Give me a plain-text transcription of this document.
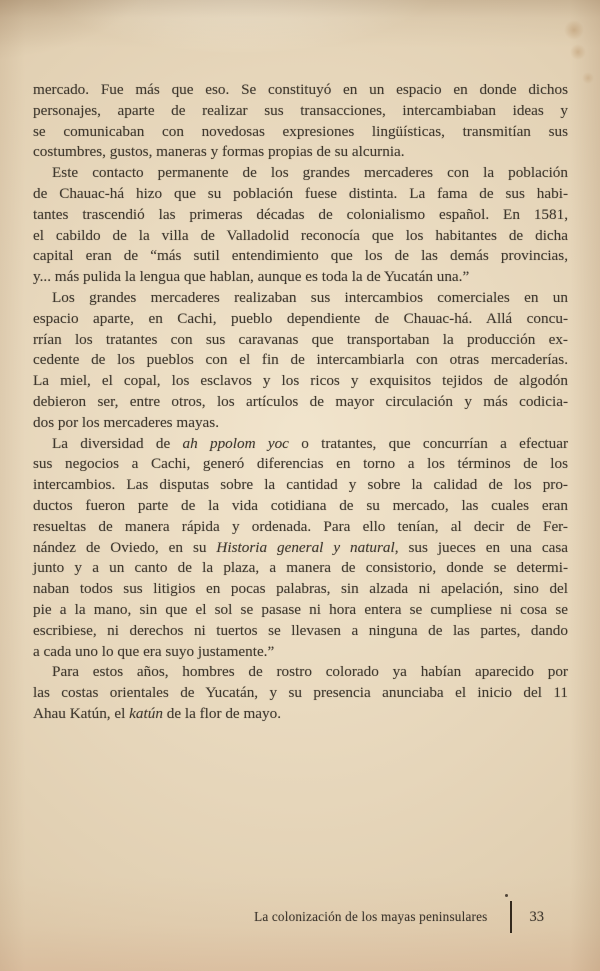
mercado. Fue más que eso. Se constituyó en un espacio en donde dichos
personajes, aparte de realizar sus transacciones, intercambiaban ideas y
se comunicaban con novedosas expresiones lingüísticas, transmitían sus
costumbres, gustos, maneras y formas propias de su alcurnia.
Este contacto permanente de los grandes mercaderes con la población
de Chauac-há hizo que su población fuese distinta. La fama de sus habi-
tantes trascendió las primeras décadas de colonialismo español. En 1581,
el cabildo de la villa de Valladolid reconocía que los habitantes de dicha
capital eran de “más sutil entendimiento que los de las demás provincias,
y... más pulida la lengua que hablan, aunque es toda la de Yucatán una.”
Los grandes mercaderes realizaban sus intercambios comerciales en un
espacio aparte, en Cachi, pueblo dependiente de Chauac-há. Allá concu-
rrían los tratantes con sus caravanas que transportaban la producción ex-
cedente de los pueblos con el fin de intercambiarla con otras mercaderías.
La miel, el copal, los esclavos y los ricos y exquisitos tejidos de algodón
debieron ser, entre otros, los artículos de mayor circulación y más codicia-
dos por los mercaderes mayas.
La diversidad de ah ppolom yoc o tratantes, que concurrían a efectuar
sus negocios a Cachi, generó diferencias en torno a los términos de los
intercambios. Las disputas sobre la cantidad y sobre la calidad de los pro-
ductos fueron parte de la vida cotidiana de su mercado, las cuales eran
resueltas de manera rápida y ordenada. Para ello tenían, al decir de Fer-
nández de Oviedo, en su Historia general y natural, sus jueces en una casa
junto y a un canto de la plaza, a manera de consistorio, donde se determi-
naban todos sus litigios en pocas palabras, sin alzada ni apelación, sino del
pie a la mano, sin que el sol se pasase ni hora entera se cumpliese ni cosa se
escribiese, ni derechos ni tuertos se llevasen a ninguna de las partes, dando
a cada uno lo que era suyo justamente.”
Para estos años, hombres de rostro colorado ya habían aparecido por
las costas orientales de Yucatán, y su presencia anunciaba el inicio del 11
Ahau Katún, el katún de la flor de mayo.
La colonización de los mayas peninsulares	33
